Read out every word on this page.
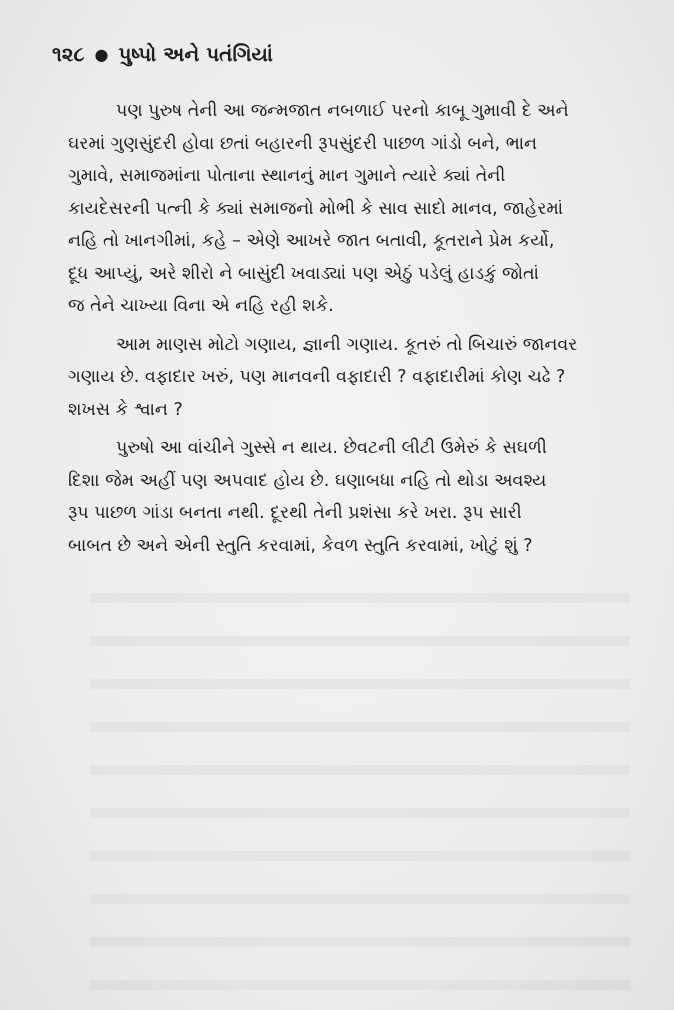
૧૨૮ ● પુષ્પો અને પતંગિયાં
પણ પુરુષ તેની આ જન્મજાત નબળાઈ પરનો કાબૂ ગુમાવી દે અને
ઘરમાં ગુણસુંદરી હોવા છતાં બહારની રૂપસુંદરી પાછળ ગાંડો બને, ભાન
ગુમાવે, સમાજમાંના પોતાના સ્થાનનું માન ગુમાને ત્યારે ક્યાં તેની
કાયદેસરની પત્ની કે ક્યાં સમાજનો મોભી કે સાવ સાદો માનવ, જાહેરમાં
નહિ તો ખાનગીમાં, કહે – એણે આખરે જાત બતાવી, કૂતરાને પ્રેમ કર્યો,
દૂધ આપ્યું, અરે શીરો ને બાસુંદી ખવાડ્યાં પણ એઠું પડેલું હાડકું જોતાં
જ તેને ચાખ્યા વિના એ નહિ રહી શકે.
આમ માણસ મોટો ગણાય, જ્ઞાની ગણાય. કૂતરું તો બિચારું જાનવર
ગણાય છે. વફાદાર ખરું, પણ માનવની વફાદારી ? વફાદારીમાં કોણ ચઢે ?
શખસ કે શ્વાન ?
પુરુષો આ વાંચીને ગુસ્સે ન થાય. છેવટની લીટી ઉમેરું કે સઘળી
દિશા જેમ અહીં પણ અપવાદ હોય છે. ઘણાબધા નહિ તો થોડા અવશ્ય
રૂપ પાછળ ગાંડા બનતા નથી. દૂરથી તેની પ્રશંસા કરે ખરા. રૂપ સારી
બાબત છે અને એની સ્તુતિ કરવામાં, કેવળ સ્તુતિ કરવામાં, ખોટું શું ?
